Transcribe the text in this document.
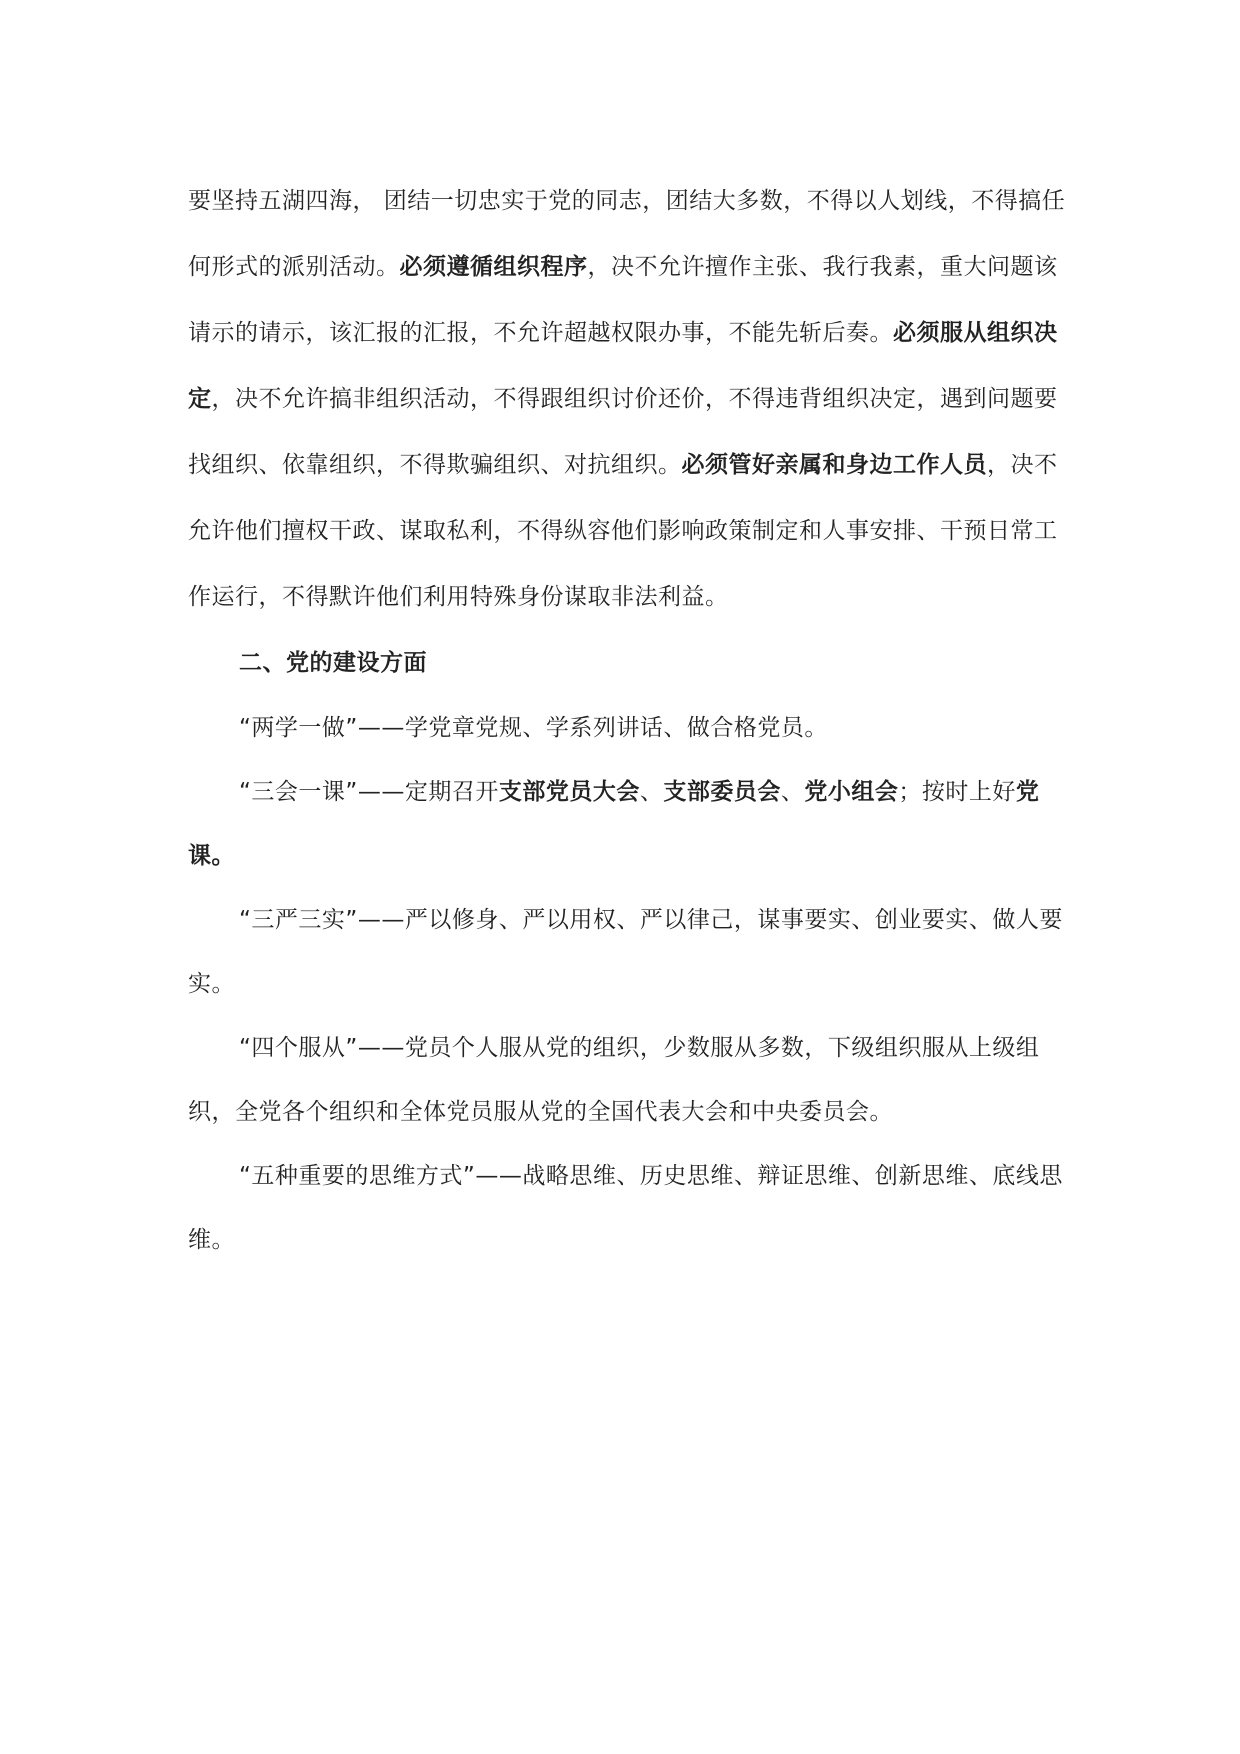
要坚持五湖四海， 团结一切忠实于党的同志，团结大多数，不得以人划线，不得搞任何形式的派别活动。必须遵循组织程序，决不允许擅作主张、我行我素，重大问题该请示的请示，该汇报的汇报，不允许超越权限办事，不能先斩后奏。必须服从组织决定，决不允许搞非组织活动，不得跟组织讨价还价，不得违背组织决定，遇到问题要找组织、依靠组织，不得欺骗组织、对抗组织。必须管好亲属和身边工作人员，决不允许他们擅权干政、谋取私利，不得纵容他们影响政策制定和人事安排、干预日常工作运行，不得默许他们利用特殊身份谋取非法利益。

二、党的建设方面

“两学一做”——学党章党规、学系列讲话、做合格党员。

“三会一课”——定期召开支部党员大会、支部委员会、党小组会；按时上好党课。

“三严三实”——严以修身、严以用权、严以律己，谋事要实、创业要实、做人要实。

“四个服从”——党员个人服从党的组织，少数服从多数，下级组织服从上级组织，全党各个组织和全体党员服从党的全国代表大会和中央委员会。

“五种重要的思维方式”——战略思维、历史思维、辩证思维、创新思维、底线思维。
